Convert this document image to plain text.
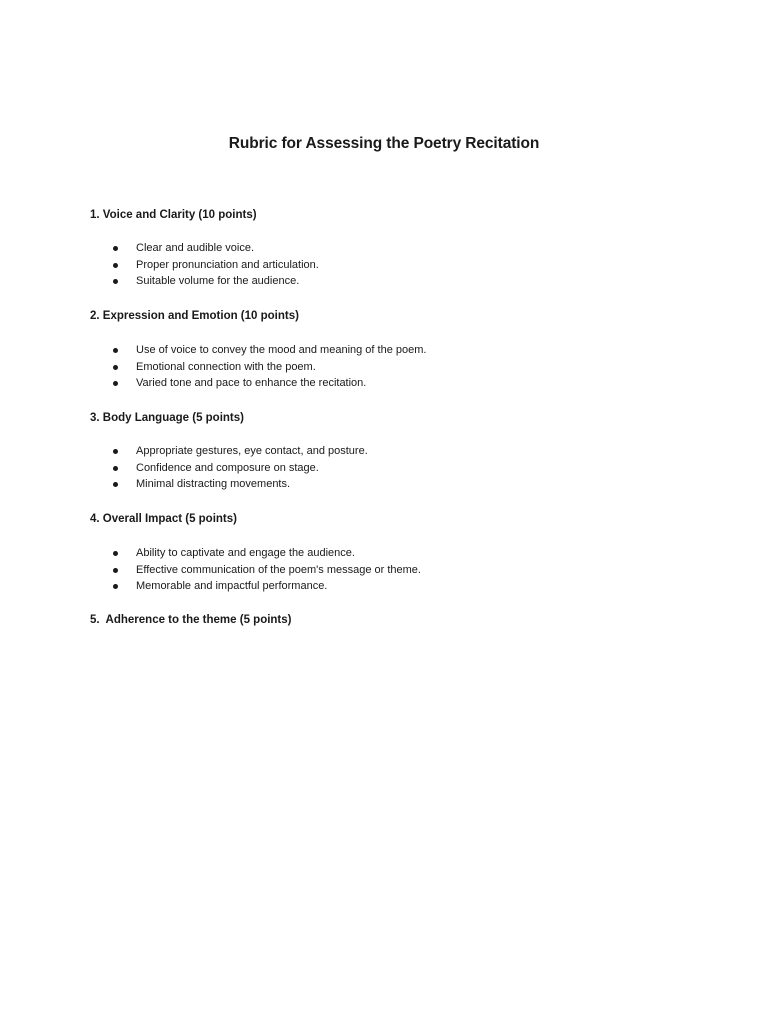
Rubric for Assessing the Poetry Recitation
1. Voice and Clarity (10 points)
Clear and audible voice.
Proper pronunciation and articulation.
Suitable volume for the audience.
2. Expression and Emotion (10 points)
Use of voice to convey the mood and meaning of the poem.
Emotional connection with the poem.
Varied tone and pace to enhance the recitation.
3. Body Language (5 points)
Appropriate gestures, eye contact, and posture.
Confidence and composure on stage.
Minimal distracting movements.
4. Overall Impact (5 points)
Ability to captivate and engage the audience.
Effective communication of the poem's message or theme.
Memorable and impactful performance.
5.  Adherence to the theme (5 points)
